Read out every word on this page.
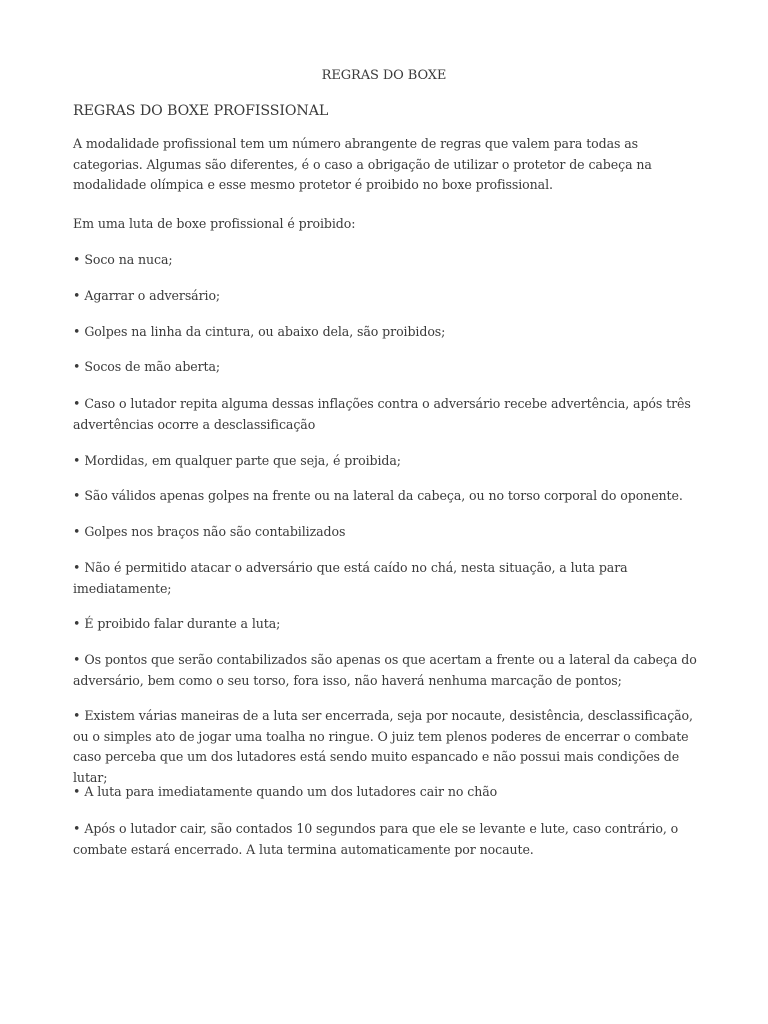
REGRAS DO BOXE
REGRAS DO BOXE PROFISSIONAL

A modalidade profissional tem um número abrangente de regras que valem para todas as categorias. Algumas são diferentes, é o caso a obrigação de utilizar o protetor de cabeça na modalidade olímpica e esse mesmo protetor é proibido no boxe profissional.

Em uma luta de boxe profissional é proibido:

• Soco na nuca;

• Agarrar o adversário;

• Golpes na linha da cintura, ou abaixo dela, são proibidos;

• Socos de mão aberta;

• Caso o lutador repita alguma dessas inflações contra o adversário recebe advertência, após três advertências ocorre a desclassificação

• Mordidas, em qualquer parte que seja, é proibida;

• São válidos apenas golpes na frente ou na lateral da cabeça, ou no torso corporal do oponente.

• Golpes nos braços não são contabilizados

• Não é permitido atacar o adversário que está caído no chá, nesta situação, a luta para imediatamente;

• É proibido falar durante a luta;

• Os pontos que serão contabilizados são apenas os que acertam a frente ou a lateral da cabeça do adversário, bem como o seu torso, fora isso, não haverá nenhuma marcação de pontos;

• Existem várias maneiras de a luta ser encerrada, seja por nocaute, desistência, desclassificação, ou o simples ato de jogar uma toalha no ringue. O juiz tem plenos poderes de encerrar o combate caso perceba que um dos lutadores está sendo muito espancado e não possui mais condições de lutar;

• A luta para imediatamente quando um dos lutadores cair no chão

• Após o lutador cair, são contados 10 segundos para que ele se levante e lute, caso contrário, o combate estará encerrado. A luta termina automaticamente por nocaute.
